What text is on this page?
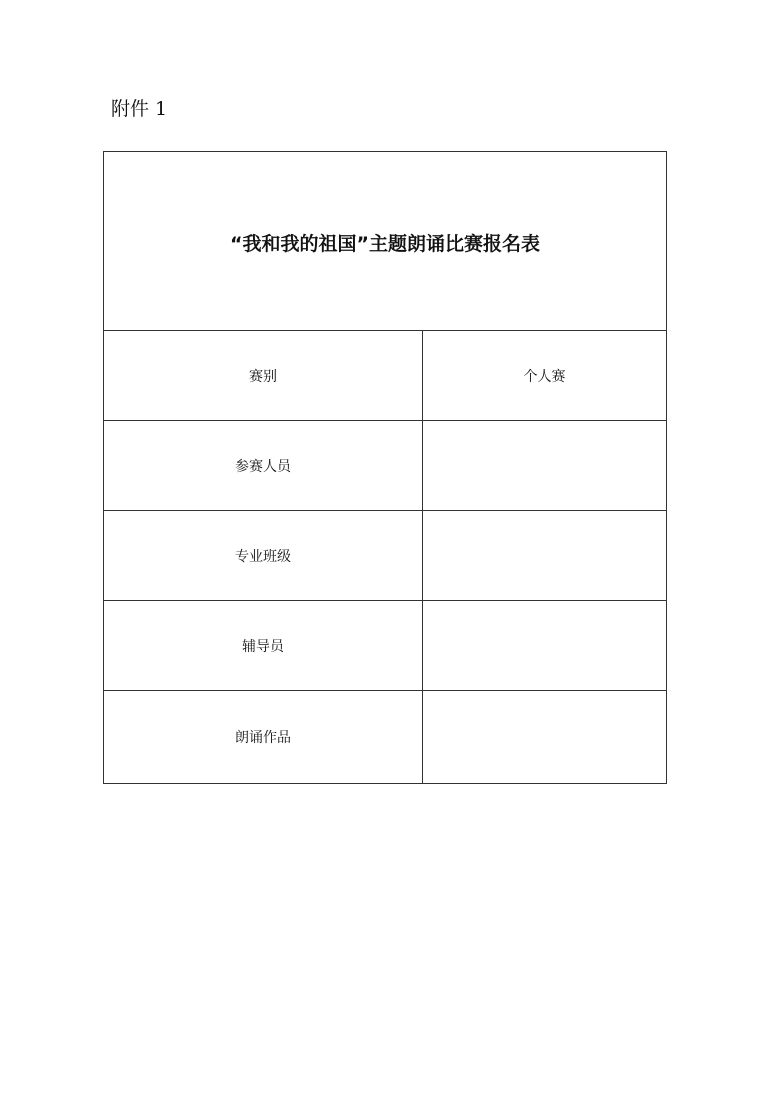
附件 1
“我和我的祖国”主题朗诵比赛报名表	
赛别	个人赛
参赛人员	
专业班级	
辅导员	
朗诵作品	
